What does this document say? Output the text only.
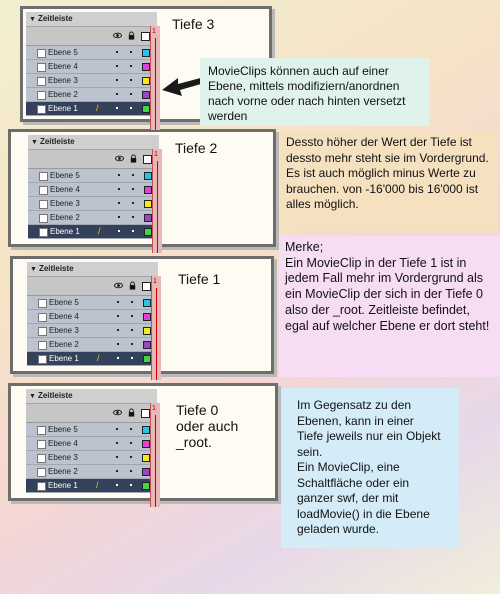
▼ Zeitleiste
Ebene 5
Ebene 4
Ebene 3
Ebene 2
Ebene 1 /
1
▼ Zeitleiste
Ebene 5
Ebene 4
Ebene 3
Ebene 2
Ebene 1 /
1
▼ Zeitleiste
Ebene 5
Ebene 4
Ebene 3
Ebene 2
Ebene 1 /
1
▼ Zeitleiste
Ebene 5
Ebene 4
Ebene 3
Ebene 2
Ebene 1 /
1
Tiefe 3
Tiefe 2
Tiefe 1
Tiefe 0
oder auch
_root.
MovieClips können auch auf einer Ebene, mittels modifiziern/anordnen nach vorne oder nach hinten versetzt werden
Dessto höher der Wert der Tiefe ist dessto mehr steht sie im Vordergrund. Es ist auch möglich minus Werte zu brauchen. von -16'000 bis 16'000 ist alles möglich.
Merke;
Ein MovieClip in der Tiefe 1 ist in jedem Fall mehr im Vordergrund als ein MovieClip der sich in der Tiefe 0 also der _root. Zeitleiste befindet, egal auf welcher Ebene er dort steht!
Im Gegensatz zu den Ebenen, kann in einer Tiefe jeweils nur ein Objekt sein.
Ein MovieClip, eine Schaltfläche oder ein ganzer swf, der mit loadMovie() in die Ebene geladen wurde.
